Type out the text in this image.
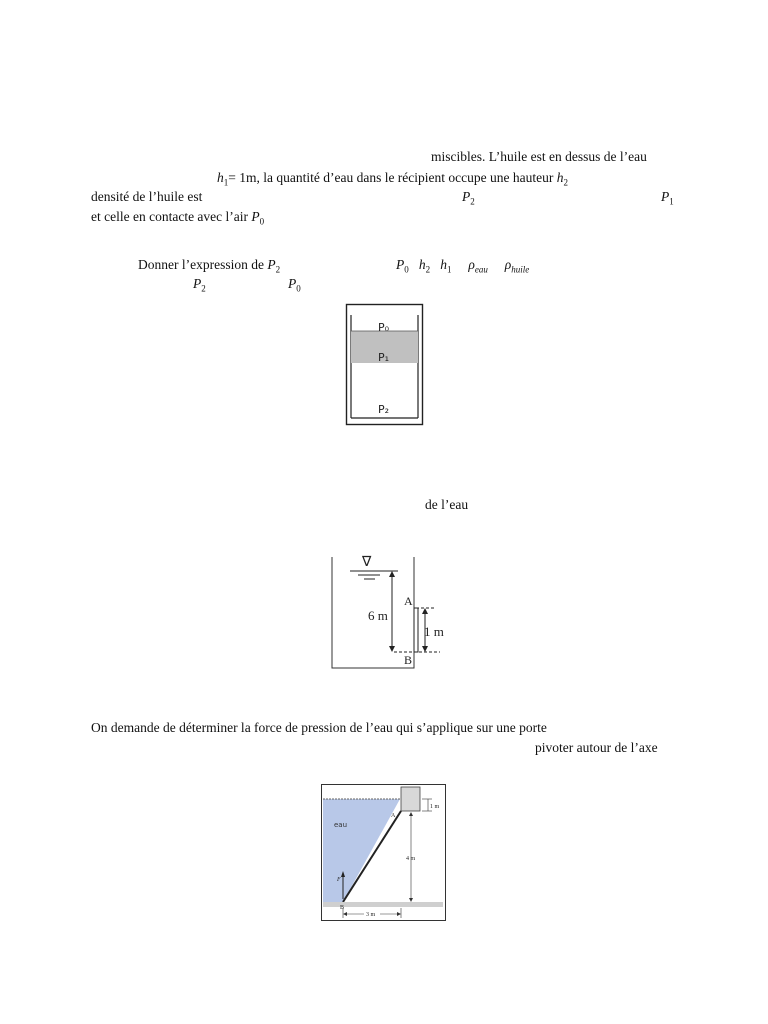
miscibles. L’huile est en dessus de l’eau
$h_1= 1m$, la quantité d’eau dans le récipient occupe une hauteur $h_2$
densité de l’huile est	$P_2$	$P_1$
et celle en contacte avec l’air $P_0$
Donner l’expression de $P_2$	$P_0$ $h_2$ $h_1$ $\rho_{eau}$ $\rho_{huile}$
$P_2$	$P_0$
P₀
P₁
P₂
de l’eau
∇
6 m
1 m
A
B
On demande de déterminer la force de pression de l’eau qui s’applique sur une porte
pivoter autour de l’axe
eau
F
A
B
1 m
4 m
3 m
